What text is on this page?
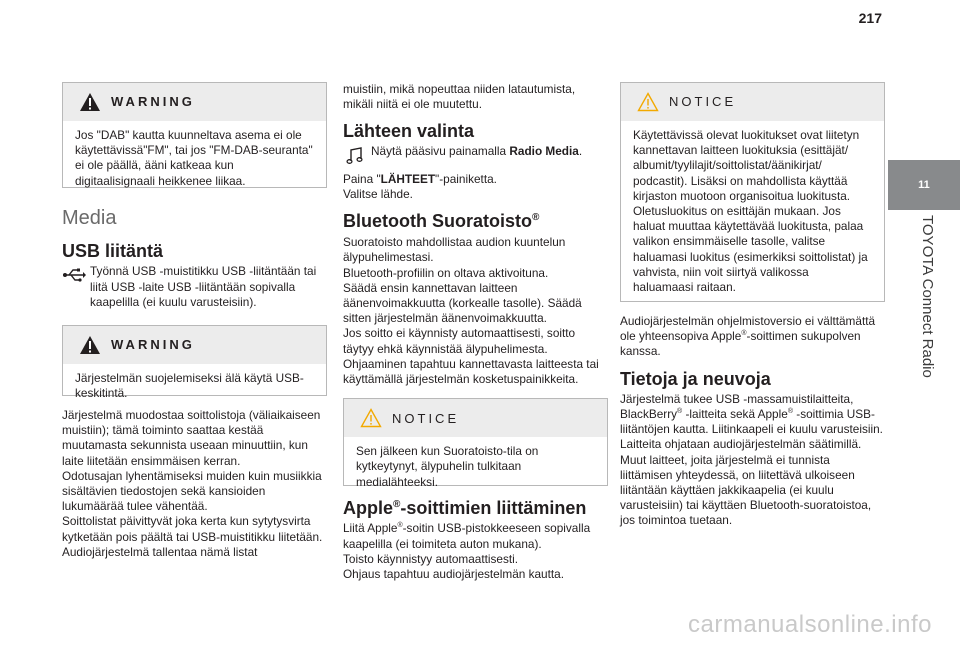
217
11
TOYOTA Connect Radio
WARNING
Jos "DAB" kautta kuunneltava asema ei ole käytettävissä"FM", tai jos "FM-DAB-seuranta" ei ole päällä, ääni katkeaa kun digitaalisignaali heikkenee liikaa.
Media
USB liitäntä

Työnnä USB -muistitikku USB -liitäntään tai liitä USB -laite USB -liitäntään sopivalla kaapelilla (ei kuulu varusteisiin).

WARNING
Järjestelmän suojelemiseksi älä käytä USB-keskitintä.

Järjestelmä muodostaa soittolistoja (väliaikaiseen muistiin); tämä toiminto saattaa kestää muutamasta sekunnista useaan minuuttiin, kun laite liitetään ensimmäisen kerran.

Odotusajan lyhentämiseksi muiden kuin musiikkia sisältävien tiedostojen sekä kansioiden lukumäärää tulee vähentää.

Soittolistat päivittyvät joka kerta kun sytytysvirta kytketään pois päältä tai USB-muistitikku liitetään. Audiojärjestelmä tallentaa nämä listat

muistiin, mikä nopeuttaa niiden latautumista, mikäli niitä ei ole muutettu.

Lähteen valinta

Näytä pääsivu painamalla Radio Media.

Paina "LÄHTEET"-painiketta.

Valitse lähde.

Bluetooth Suoratoisto®

Suoratoisto mahdollistaa audion kuuntelun älypuhelimestasi.

Bluetooth-profiilin on oltava aktivoituna.

Säädä ensin kannettavan laitteen äänenvoimakkuutta (korkealle tasolle). Säädä sitten järjestelmän äänenvoimakkuutta.

Jos soitto ei käynnisty automaattisesti, soitto täytyy ehkä käynnistää älypuhelimesta.

Ohjaaminen tapahtuu kannettavasta laitteesta tai käyttämällä järjestelmän kosketuspainikkeita.

NOTICE
Sen jälkeen kun Suoratoisto-tila on kytkeytynyt, älypuhelin tulkitaan medialähteeksi.
Apple®-soittimien liittäminen

Liitä Apple®-soitin USB-pistokkeeseen sopivalla kaapelilla (ei toimiteta auton mukana).

Toisto käynnistyy automaattisesti.

Ohjaus tapahtuu audiojärjestelmän kautta.

NOTICE
Käytettävissä olevat luokitukset ovat liitetyn kannettavan laitteen luokituksia (esittäjät/ albumit/tyylilajit/soittolistat/äänikirjat/ podcastit). Lisäksi on mahdollista käyttää kirjaston muotoon organisoitua luokitusta. Oletusluokitus on esittäjän mukaan. Jos haluat muuttaa käytettävää luokitusta, palaa valikon ensimmäiselle tasolle, valitse haluamasi luokitus (esimerkiksi soittolistat) ja vahvista, niin voit siirtyä valikossa haluamaasi raitaan.

Audiojärjestelmän ohjelmistoversio ei välttämättä ole yhteensopiva Apple®-soittimen sukupolven kanssa.

Tietoja ja neuvoja

Järjestelmä tukee USB -massamuistilaitteita, BlackBerry® -laitteita sekä Apple® -soittimia USB-liitäntöjen kautta. Liitinkaapeli ei kuulu varusteisiin.

Laitteita ohjataan audiojärjestelmän säätimillä.

Muut laitteet, joita järjestelmä ei tunnista liittämisen yhteydessä, on liitettävä ulkoiseen liitäntään käyttäen jakkikaapelia (ei kuulu varusteisiin) tai käyttäen Bluetooth-suoratoistoa, jos toimintoa tuetaan.

carmanualsonline.info
